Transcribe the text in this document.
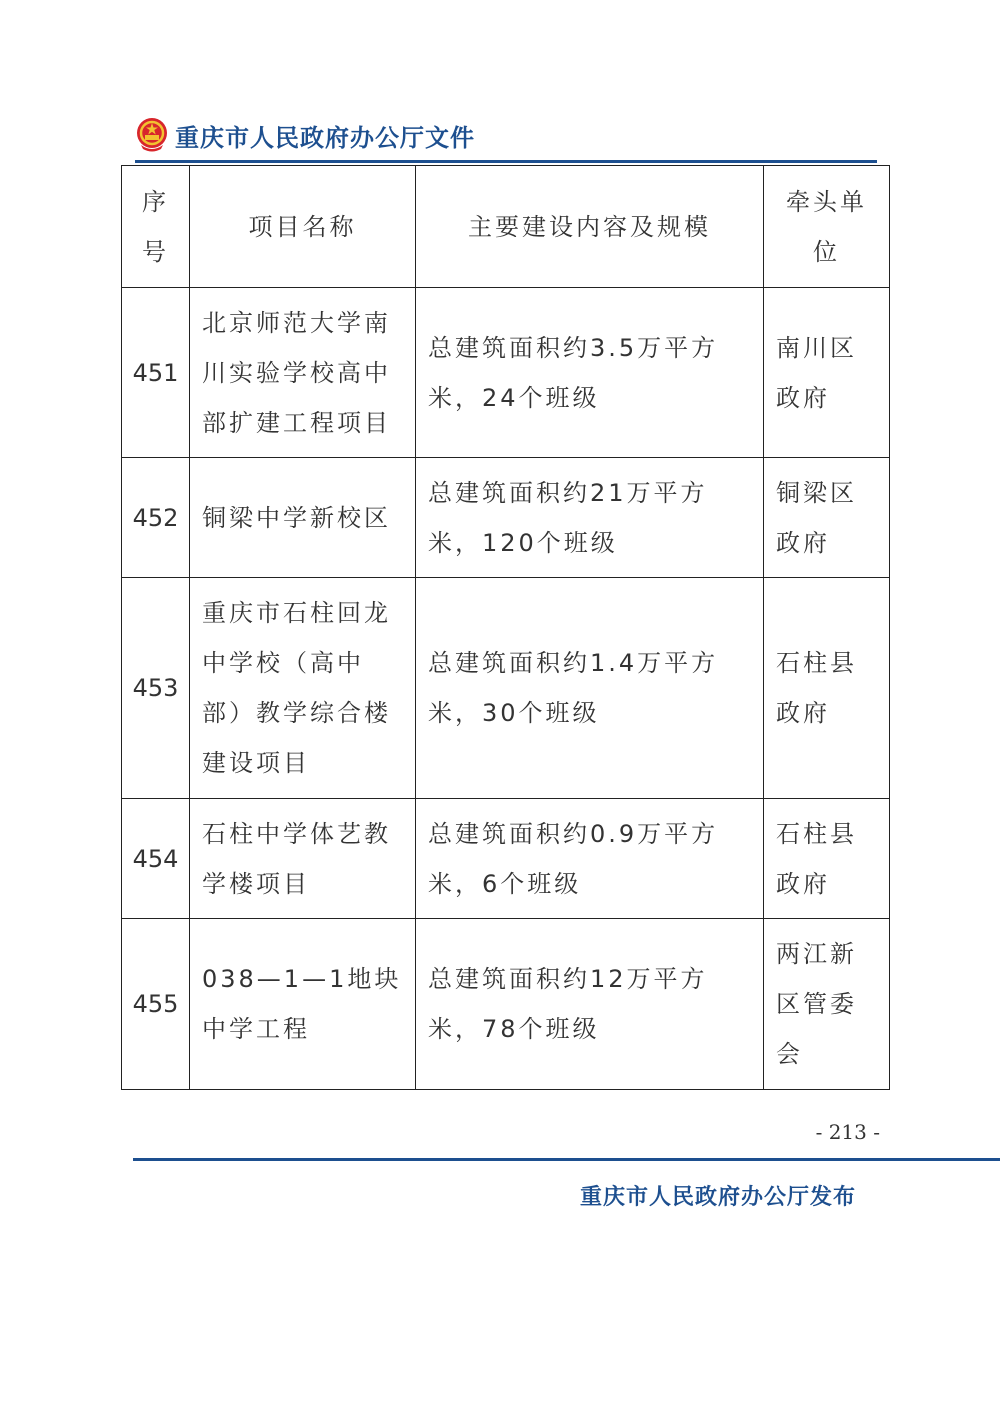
重庆市人民政府办公厅文件
序号	项目名称	主要建设内容及规模	牵头单位
451	北京师范大学南川实验学校高中部扩建工程项目	总建筑面积约3.5万平方米，24个班级	南川区政府
452	铜梁中学新校区	总建筑面积约21万平方米，120个班级	铜梁区政府
453	重庆市石柱回龙中学校（高中部）教学综合楼建设项目	总建筑面积约1.4万平方米，30个班级	石柱县政府
454	石柱中学体艺教学楼项目	总建筑面积约0.9万平方米，6个班级	石柱县政府
455	038—1—1地块中学工程	总建筑面积约12万平方米，78个班级	两江新区管委会
- 213 -
重庆市人民政府办公厅发布
